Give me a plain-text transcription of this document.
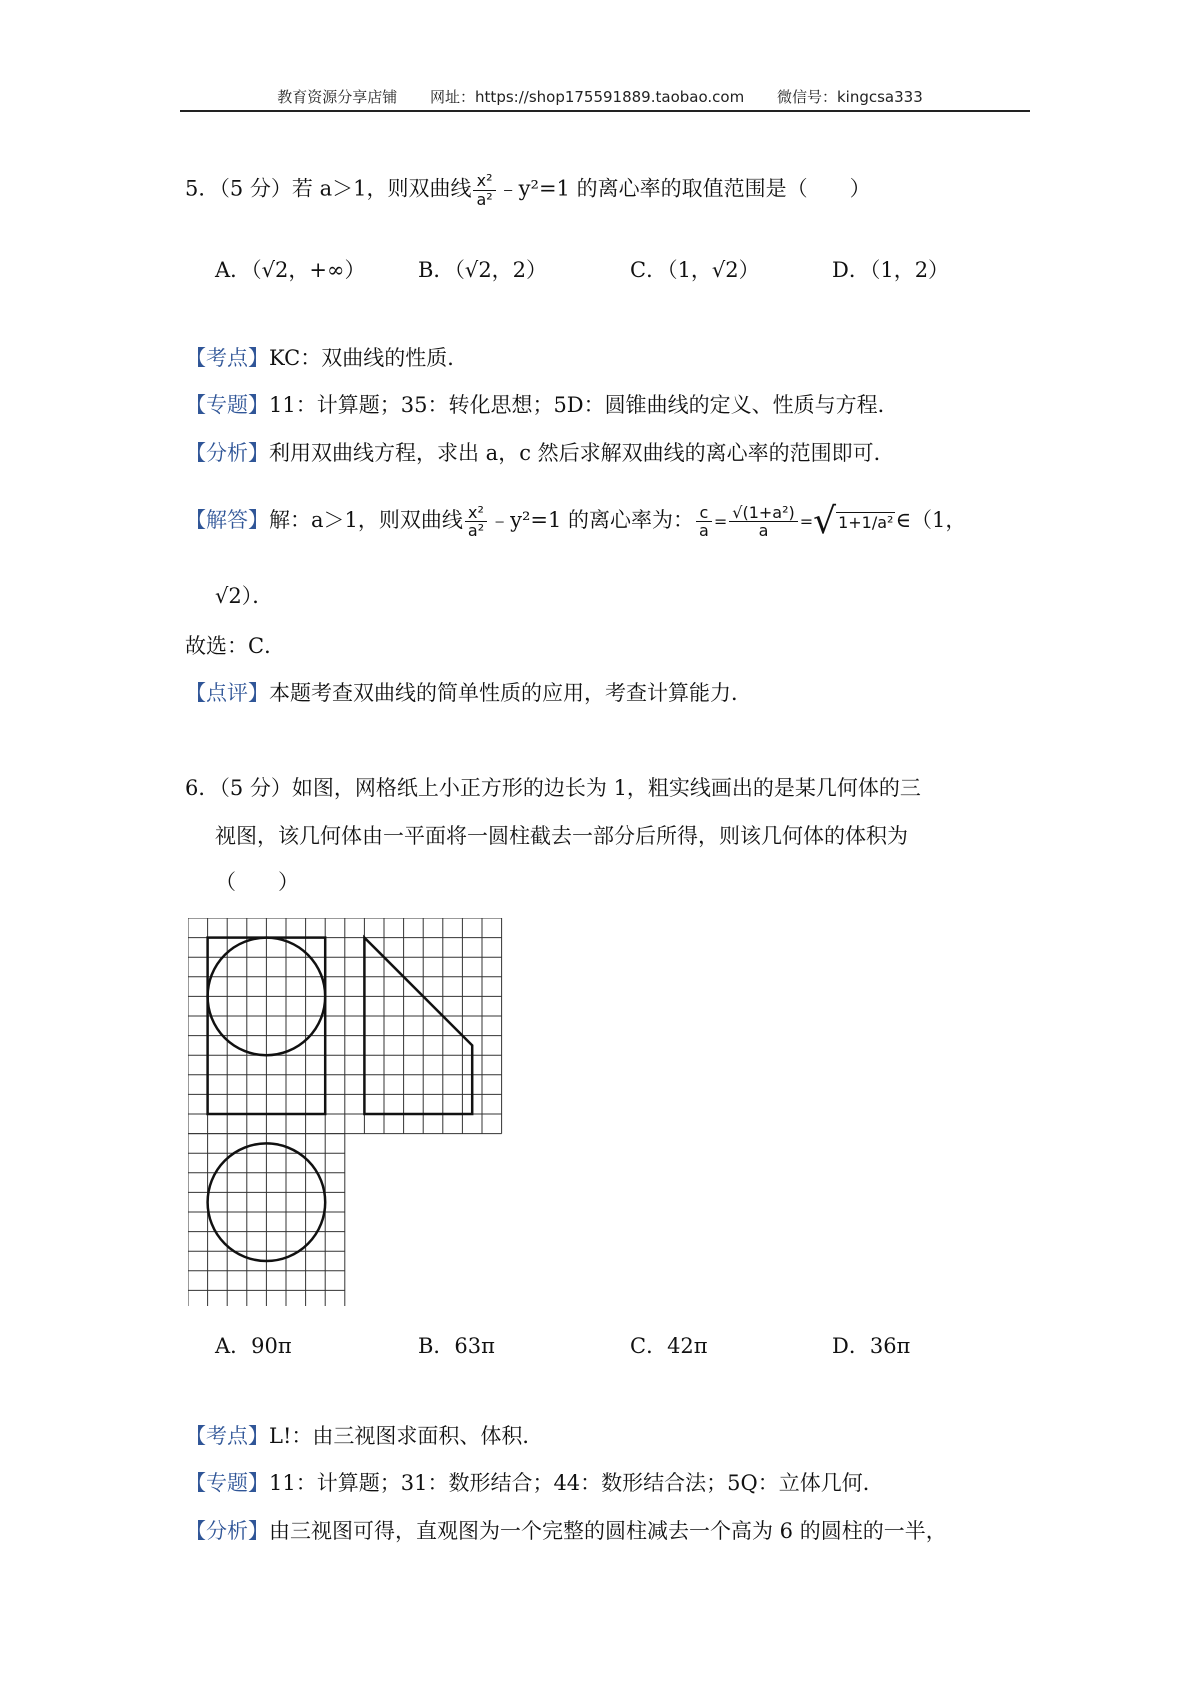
教育资源分享店铺 网址：https://shop175591889.taobao.com 微信号：kingcsa333
5．（5 分）若 a＞1，则双曲线 $\frac{\text{x²}}{\text{a²}}$ ﹣y²=1 的离心率的取值范围是（　　）
A．（√2，+∞）	B．（√2，2）	C．（1，√2）	D．（1，2）
【考点】KC：双曲线的性质．
【专题】11：计算题；35：转化思想；5D：圆锥曲线的定义、性质与方程．
【分析】利用双曲线方程，求出 a，c 然后求解双曲线的离心率的范围即可．
【解答】解：a＞1，则双曲线 $\frac{\text{x²}}{\text{a²}}$ ﹣y²=1 的离心率为： $\frac{c}{a} = \frac{\text{√(1+a²)}}{a}$ =√ 1+1/a²∈（1，
√2）．
故选：C．
【点评】本题考查双曲线的简单性质的应用，考查计算能力．
6．（5 分）如图，网格纸上小正方形的边长为 1，粗实线画出的是某几何体的三
视图，该几何体由一平面将一圆柱截去一部分后所得，则该几何体的体积为
（　　）
A．90π	B．63π	C．42π	D．36π
【考点】L!：由三视图求面积、体积．
【专题】11：计算题；31：数形结合；44：数形结合法；5Q：立体几何．
【分析】由三视图可得，直观图为一个完整的圆柱减去一个高为 6 的圆柱的一半，
